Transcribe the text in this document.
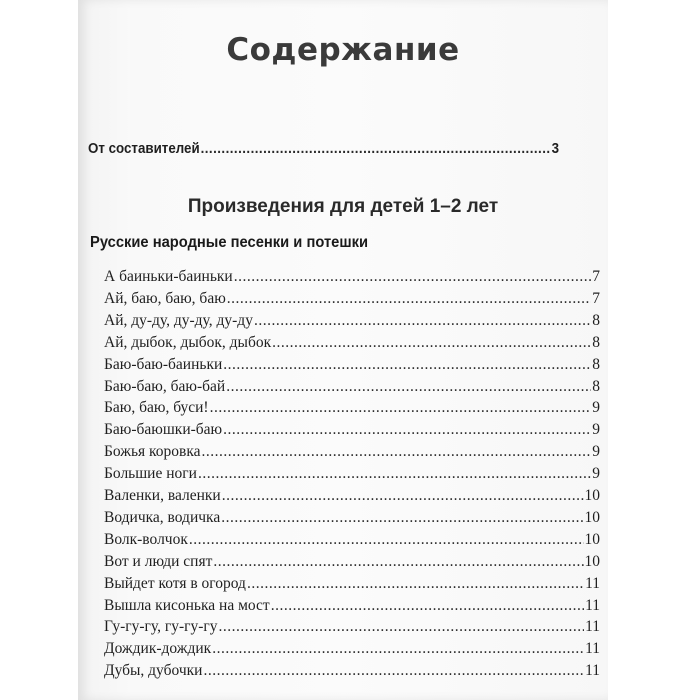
Содержание
От составителей .....	3
Произведения для детей 1–2 лет
Русские народные песенки и потешки
А баиньки-баиньки .....	7
Ай, баю, баю, баю .....	7
Ай, ду-ду, ду-ду, ду-ду .....	8
Ай, дыбок, дыбок, дыбок .....	8
Баю-баю-баиньки .....	8
Баю-баю, баю-бай .....	8
Баю, баю, буси! .....	9
Баю-баюшки-баю .....	9
Божья коровка .....	9
Большие ноги .....	9
Валенки, валенки .....	10
Водичка, водичка .....	10
Волк-волчок .....	10
Вот и люди спят .....	10
Выйдет котя в огород .....	11
Вышла кисонька на мост .....	11
Гу-гу-гу, гу-гу-гу .....	11
Дождик-дождик .....	11
Дубы, дубочки .....	11
